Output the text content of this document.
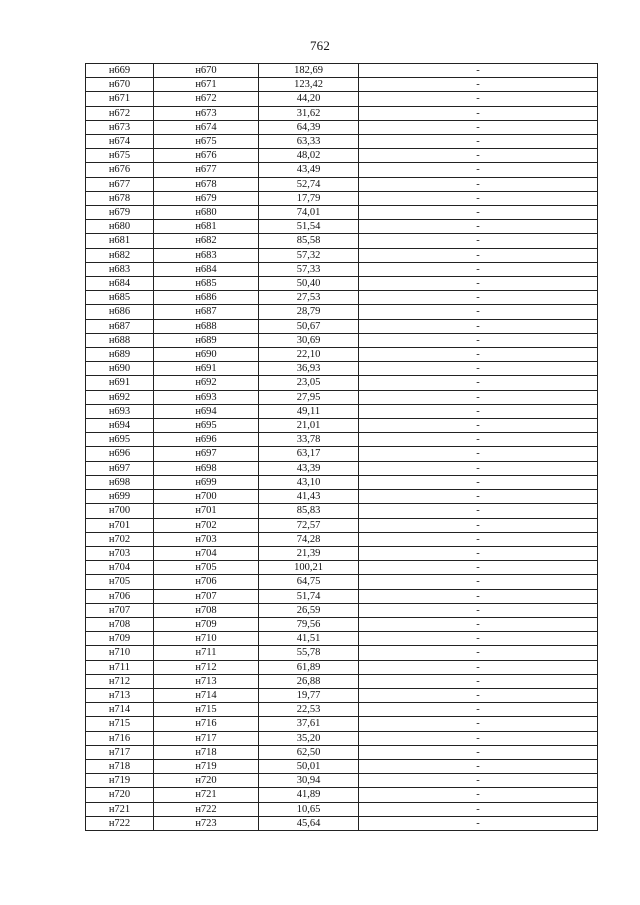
762
н669	н670	182,69	-
н670	н671	123,42	-
н671	н672	44,20	-
н672	н673	31,62	-
н673	н674	64,39	-
н674	н675	63,33	-
н675	н676	48,02	-
н676	н677	43,49	-
н677	н678	52,74	-
н678	н679	17,79	-
н679	н680	74,01	-
н680	н681	51,54	-
н681	н682	85,58	-
н682	н683	57,32	-
н683	н684	57,33	-
н684	н685	50,40	-
н685	н686	27,53	-
н686	н687	28,79	-
н687	н688	50,67	-
н688	н689	30,69	-
н689	н690	22,10	-
н690	н691	36,93	-
н691	н692	23,05	-
н692	н693	27,95	-
н693	н694	49,11	-
н694	н695	21,01	-
н695	н696	33,78	-
н696	н697	63,17	-
н697	н698	43,39	-
н698	н699	43,10	-
н699	н700	41,43	-
н700	н701	85,83	-
н701	н702	72,57	-
н702	н703	74,28	-
н703	н704	21,39	-
н704	н705	100,21	-
н705	н706	64,75	-
н706	н707	51,74	-
н707	н708	26,59	-
н708	н709	79,56	-
н709	н710	41,51	-
н710	н711	55,78	-
н711	н712	61,89	-
н712	н713	26,88	-
н713	н714	19,77	-
н714	н715	22,53	-
н715	н716	37,61	-
н716	н717	35,20	-
н717	н718	62,50	-
н718	н719	50,01	-
н719	н720	30,94	-
н720	н721	41,89	-
н721	н722	10,65	-
н722	н723	45,64	-
